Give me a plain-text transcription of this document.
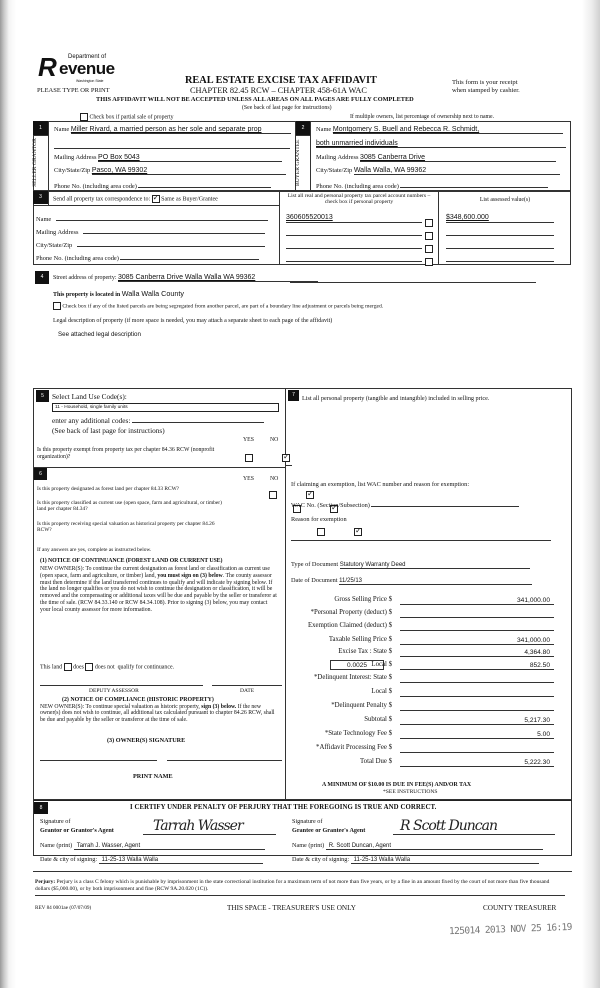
R Department of
evenue
Washington State
PLEASE TYPE OR PRINT
REAL ESTATE EXCISE TAX AFFIDAVIT
CHAPTER 82.45 RCW – CHAPTER 458-61A WAC
THIS AFFIDAVIT WILL NOT BE ACCEPTED UNLESS ALL AREAS ON ALL PAGES ARE FULLY COMPLETED
(See back of last page for instructions)
This form is your receipt
when stamped by cashier.
Check box if partial sale of property	If multiple owners, list percentage of ownership next to name.
1
SELLER GRANTOR
Name Miller Rivard, a married person as her sole and separate prop
Mailing Address PO Box 5043
City/State/Zip Pasco, WA 99302
Phone No. (including area code)
2
BUYER GRANTEE
Name Montgomery S. Buell and Rebecca R. Schmidt,
both unmarried individuals
Mailing Address 3085 Canberra Drive
City/State/Zip Walla Walla, WA 99362
Phone No. (including area code)
3	Send all property tax correspondence to: ✓ Same as Buyer/Grantee
Name
Mailing Address
City/State/Zip
Phone No. (including area code)
List all real and personal property tax parcel account numbers – check box if personal property	List assessed value(s)
360605520013	$348,600.000
4	Street address of property: 3085 Canberra Drive Walla Walla WA 99362
This property is located in Walla Walla County
Check box if any of the listed parcels are being segregated from another parcel, are part of a boundary line adjustment or parcels being merged.
Legal description of property (if more space is needed, you may attach a separate sheet to each page of the affidavit)
See attached legal description
5	Select Land Use Code(s):
11 - Household, single family units
enter any additional codes:
(See back of last page for instructions)
YES	NO
Is this property exempt from property tax per chapter 84.36 RCW (nonprofit organization)?
✓
6
YES	NO
Is this property designated as forest land per chapter 84.33 RCW?
✓
Is this property classified as current use (open space, farm and agricultural, or timber) land per chapter 84.34?
✓
Is this property receiving special valuation as historical property per chapter 84.26 RCW?
✓
If any answers are yes, complete as instructed below.
(1) NOTICE OF CONTINUANCE (FOREST LAND OR CURRENT USE)
NEW OWNER(S): To continue the current designation as forest land or classification as current use (open space, farm and agriculture, or timber) land, you must sign on (3) below. The county assessor must then determine if the land transferred continues to qualify and will indicate by signing below. If the land no longer qualifies or you do not wish to continue the designation or classification, it will be removed and the compensating or additional taxes will be due and payable by the seller or transferor at the time of sale. (RCW 84.33.140 or RCW 84.34.108). Prior to signing (3) below, you may contact your local county assessor for more information.
This land does does not qualify for continuance.
DEPUTY ASSESSOR	DATE
(2) NOTICE OF COMPLIANCE (HISTORIC PROPERTY)
NEW OWNER(S): To continue special valuation as historic property, sign (3) below. If the new owner(s) does not wish to continue, all additional tax calculated pursuant to chapter 84.26 RCW, shall be due and payable by the seller or transferor at the time of sale.
(3) OWNER(S) SIGNATURE
PRINT NAME
7	List all personal property (tangible and intangible) included in selling price.
If claiming an exemption, list WAC number and reason for exemption:
WAC No. (Section/Subsection)
Reason for exemption
Type of Document Statutory Warranty Deed
Date of Document 11/25/13
Gross Selling Price $	341,000.00
*Personal Property (deduct) $
Exemption Claimed (deduct) $
Taxable Selling Price $	341,000.00
Excise Tax : State $	4,364.80
0.0025 Local $	852.50
*Delinquent Interest: State $
Local $
*Delinquent Penalty $
Subtotal $	5,217.30
*State Technology Fee $	5.00
*Affidavit Processing Fee $
Total Due $	5,222.30
A MINIMUM OF $10.00 IS DUE IN FEE(S) AND/OR TAX
*SEE INSTRUCTIONS
8	I CERTIFY UNDER PENALTY OF PERJURY THAT THE FOREGOING IS TRUE AND CORRECT.
Signature of
Grantor or Grantor's Agent	Tarrah Wasser
Name (print) Tarrah J. Wasser, Agent
Date & city of signing: 11-25-13 Walla Walla
Signature of
Grantee or Grantee's Agent R Scott Duncan
Name (print) R. Scott Duncan, Agent
Date & city of signing: 11-25-13 Walla Walla
Perjury: Perjury is a class C felony which is punishable by imprisonment in the state correctional institution for a maximum term of not more than five years, or by a fine in an amount fixed by the court of not more than five thousand dollars ($5,000.00), or by both imprisonment and fine (RCW 9A.20.020 (1C)).
REV 84 0001ae (07/07/09)	THIS SPACE - TREASURER'S USE ONLY	COUNTY TREASURER
125014 2013 NOV 25 16:19
